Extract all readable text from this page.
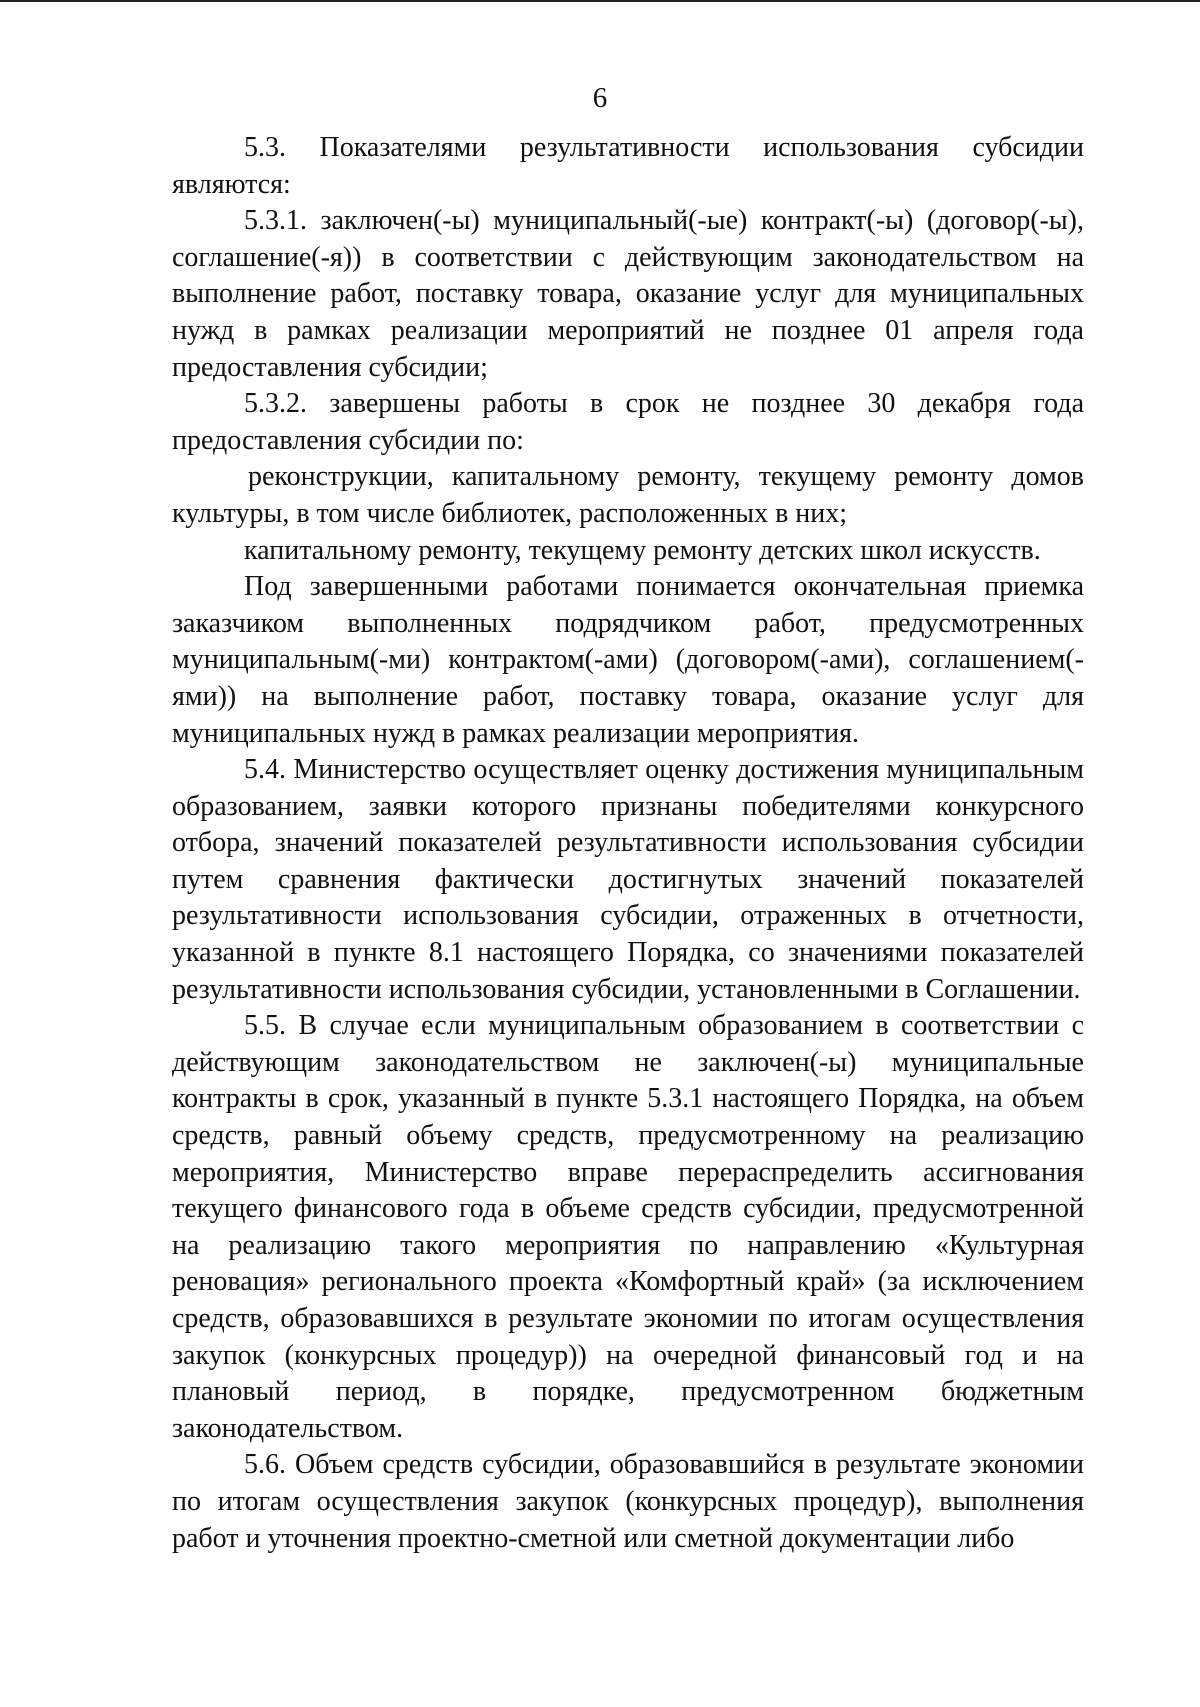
6

5.3. Показателями результативности использования субсидии являются:

5.3.1. заключен(-ы) муниципальный(-ые) контракт(-ы) (договор(-ы), соглашение(-я)) в соответствии с действующим законодательством на выполнение работ, поставку товара, оказание услуг для муниципальных нужд в рамках реализации мероприятий не позднее 01 апреля года предоставления субсидии;

5.3.2. завершены работы в срок не позднее 30 декабря года предоставления субсидии по:

реконструкции, капитальному ремонту, текущему ремонту домов культуры, в том числе библиотек, расположенных в них;

капитальному ремонту, текущему ремонту детских школ искусств.

Под завершенными работами понимается окончательная приемка заказчиком выполненных подрядчиком работ, предусмотренных муниципальным(-ми) контрактом(-ами) (договором(-ами), соглашением(-ями)) на выполнение работ, поставку товара, оказание услуг для муниципальных нужд в рамках реализации мероприятия.

5.4. Министерство осуществляет оценку достижения муниципальным образованием, заявки которого признаны победителями конкурсного отбора, значений показателей результативности использования субсидии путем сравнения фактически достигнутых значений показателей результативности использования субсидии, отраженных в отчетности, указанной в пункте 8.1 настоящего Порядка, со значениями показателей результативности использования субсидии, установленными в Соглашении.

5.5. В случае если муниципальным образованием в соответствии с действующим законодательством не заключен(-ы) муниципальные контракты в срок, указанный в пункте 5.3.1 настоящего Порядка, на объем средств, равный объему средств, предусмотренному на реализацию мероприятия, Министерство вправе перераспределить ассигнования текущего финансового года в объеме средств субсидии, предусмотренной на реализацию такого мероприятия по направлению «Культурная реновация» регионального проекта «Комфортный край» (за исключением средств, образовавшихся в результате экономии по итогам осуществления закупок (конкурсных процедур)) на очередной финансовый год и на плановый период, в порядке, предусмотренном бюджетным законодательством.

5.6. Объем средств субсидии, образовавшийся в результате экономии по итогам осуществления закупок (конкурсных процедур), выполнения работ и уточнения проектно-сметной или сметной документации либо
